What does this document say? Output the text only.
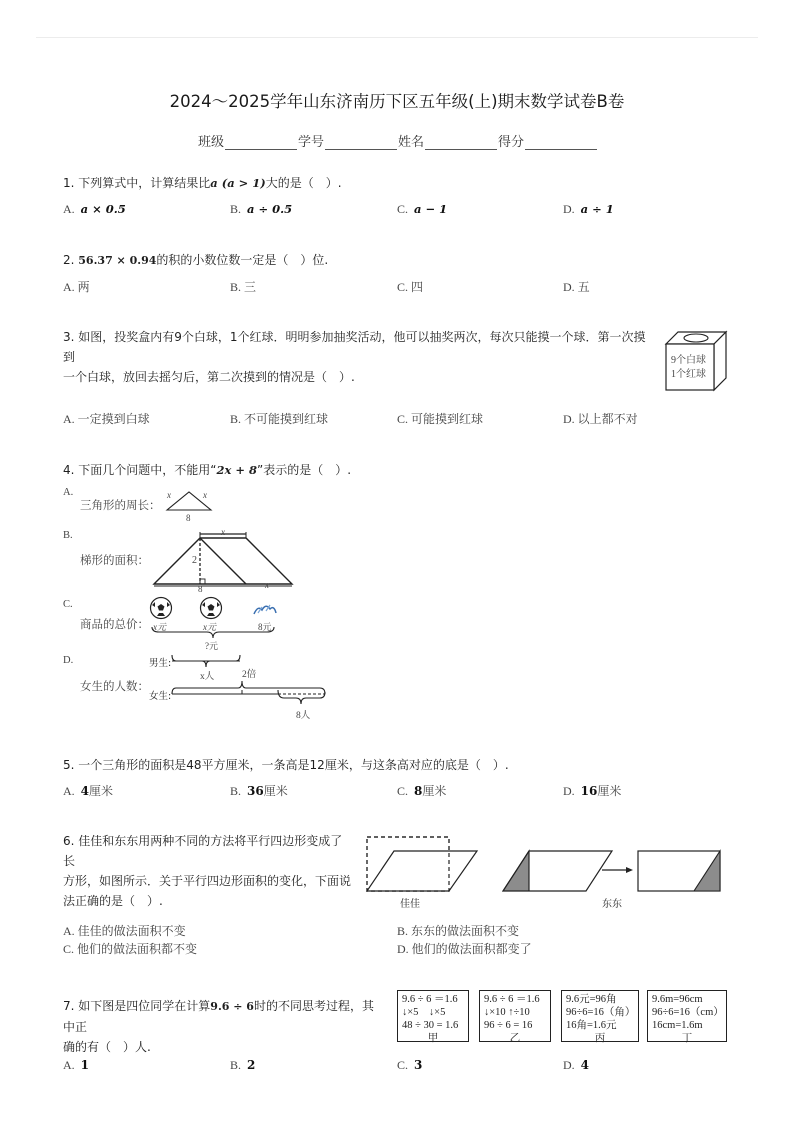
2024～2025学年山东济南历下区五年级(上)期末数学试卷B卷
班级	学号	姓名	得分
1. 下列算式中，计算结果比a (a > 1)大的是（　）.
A. a × 0.5	B. a ÷ 0.5	C. a − 1	D. a ÷ 1
2. 56.37 × 0.94的积的小数位数一定是（　）位.
A. 两	B. 三	C. 四	D. 五
3. 如图，投奖盒内有9个白球，1个红球．明明参加抽奖活动，他可以抽奖两次，每次只能摸一个球．第一次摸到
一个白球，放回去摇匀后，第二次摸到的情况是（　）.
9个白球
1个红球
A. 一定摸到白球	B. 不可能摸到红球	C. 可能摸到红球	D. 以上都不对
4. 下面几个问题中，不能用“2x + 8”表示的是（　）.
A.
三角形的周长：
x	x
8
B.
梯形的面积：
x
2
8	x
C.
商品的总价： x元	x元	8元
?元
D.
女生的人数：
男生:
女生:
x人	2倍
8人
5. 一个三角形的面积是48平方厘米，一条高是12厘米，与这条高对应的底是（　）.
A. 4厘米	B. 36厘米	C. 8厘米	D. 16厘米
6. 佳佳和东东用两种不同的方法将平行四边形变成了长
方形，如图所示．关于平行四边形面积的变化，下面说
法正确的是（　）.	佳佳	东东
A. 佳佳的做法面积不变	B. 东东的做法面积不变
C. 他们的做法面积都不变	D. 他们的做法面积都变了
7. 如下图是四位同学在计算9.6 ÷ 6时的不同思考过程，其中正
确的有（　）人.
9.6 ÷ 6 ＝1.6
↓×5　↓×5
48 ÷ 30 = 1.6
甲
9.6 ÷ 6 ＝1.6
↓×10 ↑÷10
96 ÷ 6 = 16
乙
9.6元=96角
96÷6=16（角）
16角=1.6元
丙
9.6m=96cm
96÷6=16（cm）
16cm=1.6m
丁
A. 1	B. 2	C. 3	D. 4
